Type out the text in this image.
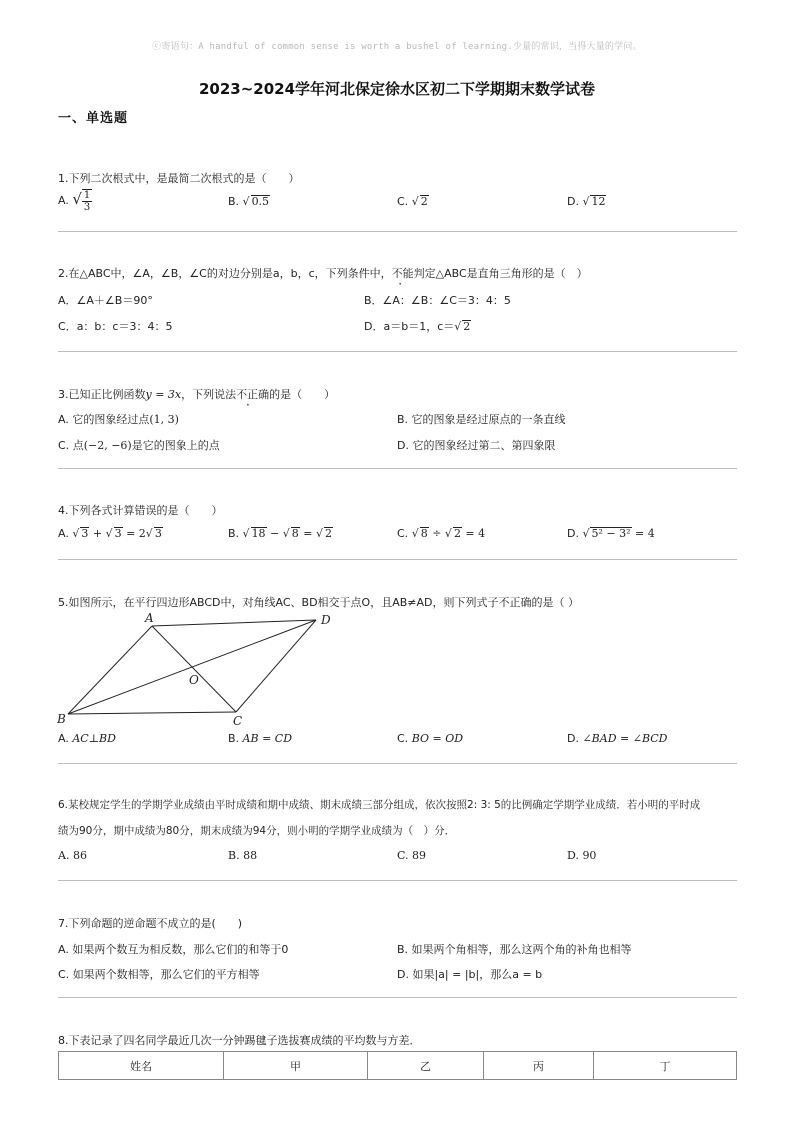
ⓒ寄语句：A handful of common sense is worth a bushel of learning.少量的常识，当得大量的学问。
2023~2024学年河北保定徐水区初二下学期期末数学试卷
一、单选题
1.下列二次根式中，是最简二次根式的是（　　）
A. √ $\frac{1}{3}$	B. √ 0.5	C. √ 2	D. √ 12
2.在△ABC中，∠A，∠B，∠C的对边分别是a，b，c，下列条件中，不能判定△ABC是直角三角形的是（　）
A．∠A＋∠B＝90°	B．∠A：∠B：∠C＝3：4：5
C．a：b：c＝3：4：5	D．a＝b＝1，c＝√ 2
3.已知正比例函数y = 3x，下列说法不正确的是（　　）
A. 它的图象经过点(1, 3)	B. 它的图象是经过原点的一条直线
C. 点(−2, −6)是它的图象上的点	D. 它的图象经过第二、第四象限
4.下列各式计算错误的是（　　）
A. √ 3 + √ 3 = 2√ 3	B. √ 18 − √ 8 = √ 2	C. √ 8 ÷ √ 2 = 4	D. √ 5² − 3² = 4
5.如图所示，在平行四边形ABCD中，对角线AC、BD相交于点O，且AB≠AD，则下列式子不正确的是（ ）
A	D
B	C
O
A. AC⊥BD	B. AB = CD	C. BO = OD	D. ∠BAD = ∠BCD
6.某校规定学生的学期学业成绩由平时成绩和期中成绩、期末成绩三部分组成，依次按照2: 3: 5的比例确定学期学业成绩．若小明的平时成
绩为90分，期中成绩为80分，期末成绩为94分，则小明的学期学业成绩为（　）分．
A. 86	B. 88	C. 89	D. 90
7.下列命题的逆命题不成立的是(　　)
A. 如果两个数互为相反数，那么它们的和等于0	B. 如果两个角相等，那么这两个角的补角也相等
C. 如果两个数相等，那么它们的平方相等	D. 如果|a| = |b|，那么a = b
8.下表记录了四名同学最近几次一分钟踢毽子选拔赛成绩的平均数与方差．
姓名	甲	乙	丙	丁
